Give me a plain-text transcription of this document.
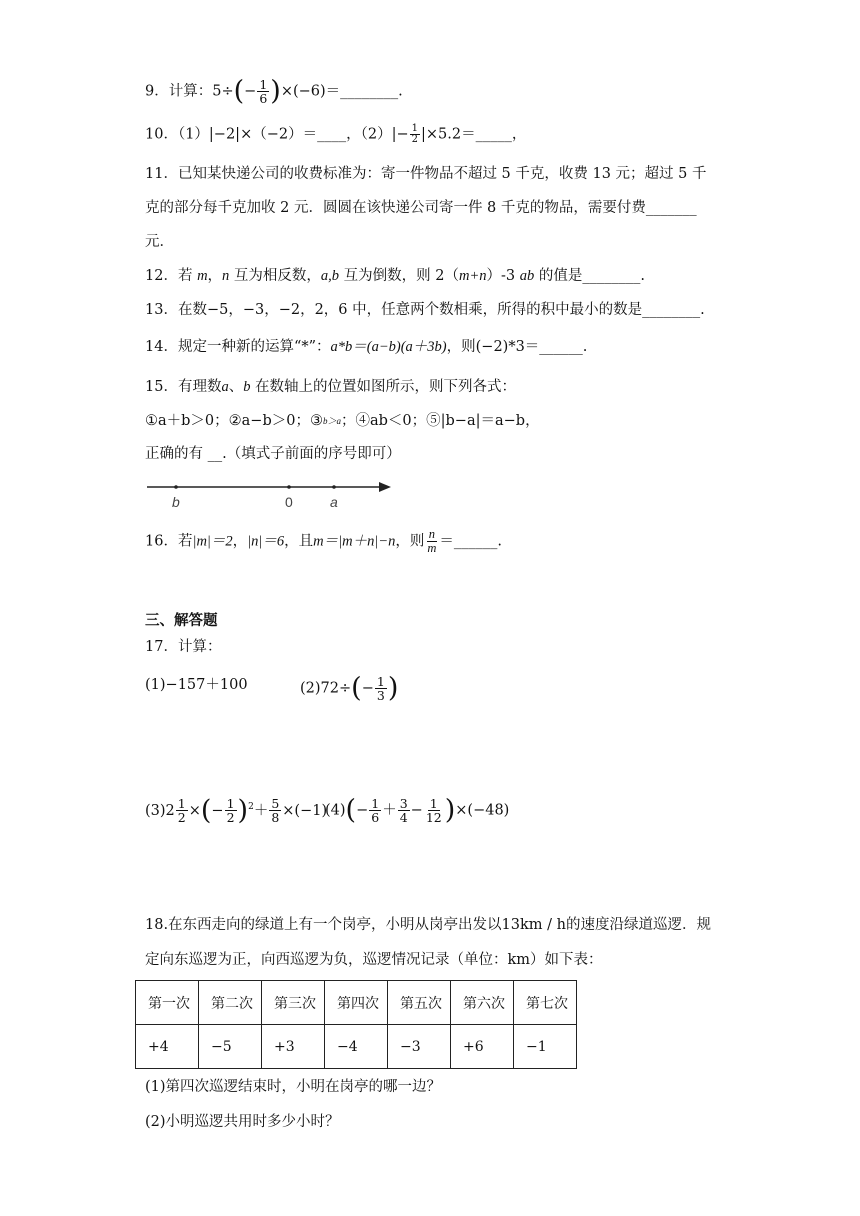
9．计算：$5\div(- \frac{1}{6}$ )×(−6)＝________.
10．（1）|−2|×（−2）＝____，$(2)|- \frac{1}{2}$ |×5.2＝_____，
11．已知某快递公司的收费标准为：寄一件物品不超过 5 千克，收费 13 元；超过 5 千
克的部分每千克加收 2 元．圆圆在该快递公司寄一件 8 千克的物品，需要付费_______
元．
12．若 m，n 互为相反数，a,b 互为倒数，则 2（m+n）-3 ab 的值是________.
13．在数−5，−3，−2，2，6 中，任意两个数相乘，所得的积中最小的数是________.
14．规定一种新的运算“*”：a*b＝(a−b)(a＋3b)，则(−2)*3＝______.
15．有理数a、b 在数轴上的位置如图所示，则下列各式：
①a＋b＞0；②a−b＞0；③b＞a；④ab＜0；⑤|b−a|＝a−b，
正确的有 __.（填式子前面的序号即可）
b	0	a
16．若|m|＝2，|n|＝6，且m＝|m＋n|−n，则 $\frac{n}{m}$ ＝______.
三、解答题
17．计算：
(1)−157＋100	$(2)72\div(- \frac{1}{3}$ )
$(3)2 \frac{1}{2}$ ×(− $\frac{1}{2} )^2+ \frac{5}{8} \times(-1)$
$(4)(- \frac{1}{6} + \frac{3}{4} - \frac{1}{12} )\times(-48)$
18.在东西走向的绿道上有一个岗亭，小明从岗亭出发以13km / h的速度沿绿道巡逻．规
定向东巡逻为正，向西巡逻为负，巡逻情况记录（单位：km）如下表：
第一次	第二次	第三次	第四次	第五次	第六次	第七次
+4	−5	+3	−4	−3	+6	−1
(1)第四次巡逻结束时，小明在岗亭的哪一边？
(2)小明巡逻共用时多少小时？
